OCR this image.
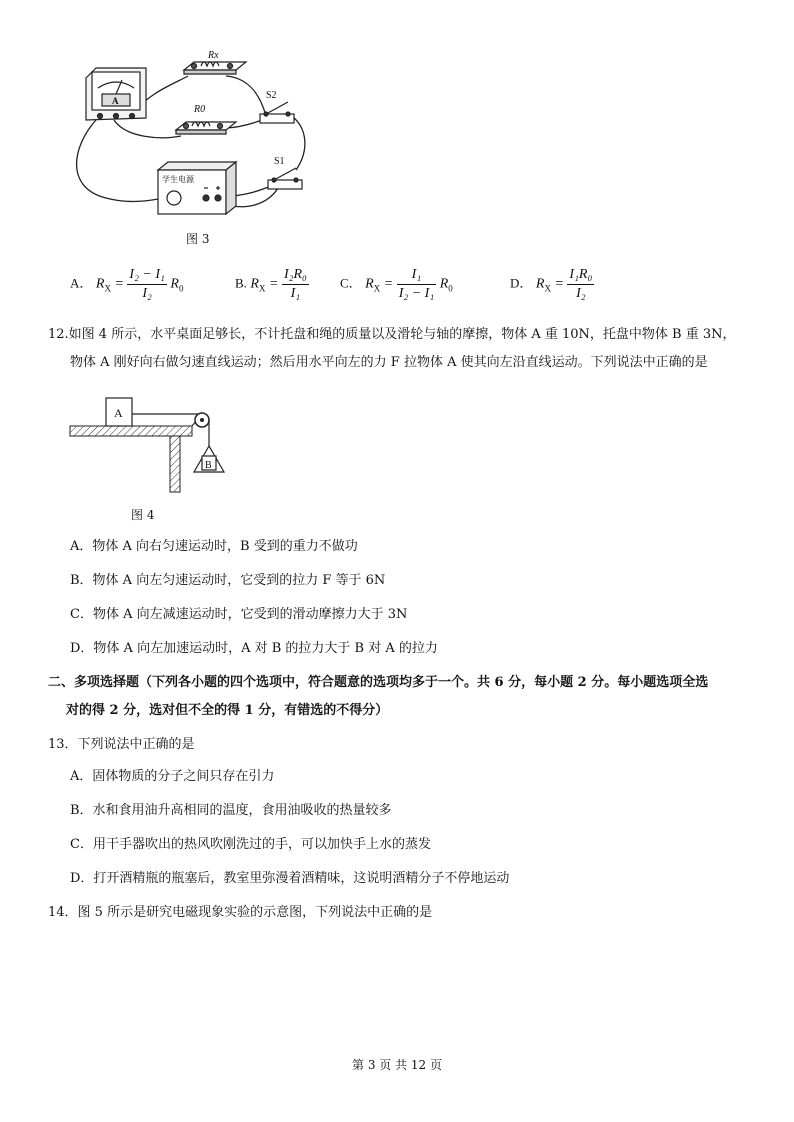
A
Rx
R0
S2
S1
学生电源
图 3
A． $R_X = \frac{\text{I₂ − I₁}}{\text{I₂}} R_0$	B. $R_X = \frac{\text{I₂R₀}}{\text{I₁}}$ C． $R_X = \frac{\text{I₁}}{\text{I₂ − I₁}} R_0$	D． $R_X = \frac{\text{I₁R₀}}{\text{I₂}}$
12.如图 4 所示，水平桌面足够长，不计托盘和绳的质量以及滑轮与轴的摩擦，物体 A 重 10N，托盘中物体 B 重 3N，
物体 A 刚好向右做匀速直线运动；然后用水平向左的力 F 拉物体 A 使其向左沿直线运动。下列说法中正确的是
A
B
图 4
A．物体 A 向右匀速运动时，B 受到的重力不做功
B．物体 A 向左匀速运动时，它受到的拉力 F 等于 6N
C．物体 A 向左减速运动时，它受到的滑动摩擦力大于 3N
D．物体 A 向左加速运动时，A 对 B 的拉力大于 B 对 A 的拉力
二、多项选择题（下列各小题的四个选项中，符合题意的选项均多于一个。共 6 分，每小题 2 分。每小题选项全选
对的得 2 分，选对但不全的得 1 分，有错选的不得分）
13．下列说法中正确的是
A．固体物质的分子之间只存在引力
B．水和食用油升高相同的温度，食用油吸收的热量较多
C．用干手器吹出的热风吹刚洗过的手，可以加快手上水的蒸发
D．打开酒精瓶的瓶塞后，教室里弥漫着酒精味，这说明酒精分子不停地运动
14．图 5 所示是研究电磁现象实验的示意图，下列说法中正确的是
第 3 页 共 12 页
